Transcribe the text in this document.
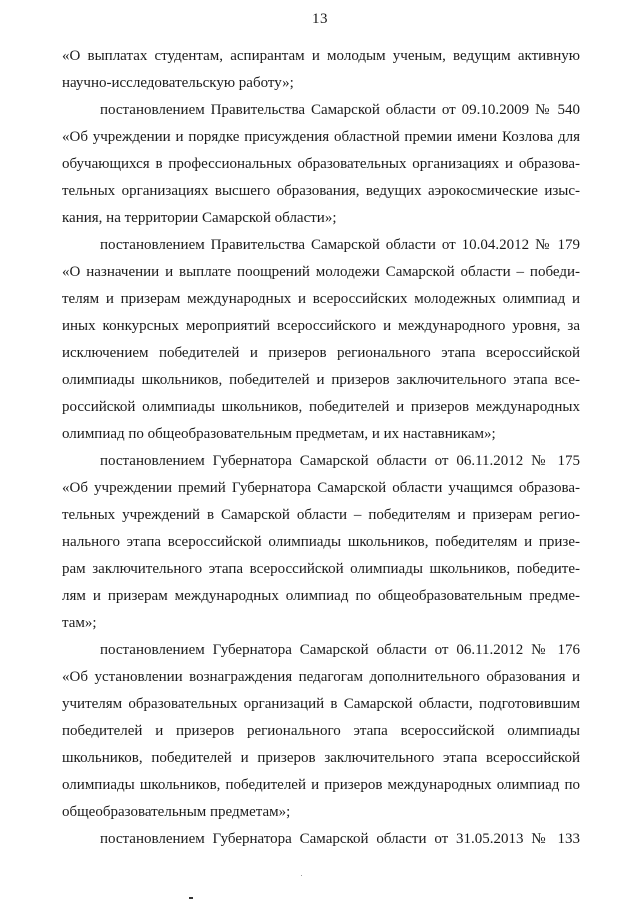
13
«О выплатах студентам, аспирантам и молодым ученым, ведущим активную
научно-исследовательскую работу»;
постановлением Правительства Самарской области от 09.10.2009 № 540
«Об учреждении и порядке присуждения областной премии имени Козлова для
обучающихся в профессиональных образовательных организациях и образова-
тельных организациях высшего образования, ведущих аэрокосмические изыс-
кания, на территории Самарской области»;
постановлением Правительства Самарской области от 10.04.2012 № 179
«О назначении и выплате поощрений молодежи Самарской области – победи-
телям и призерам международных и всероссийских молодежных олимпиад и
иных конкурсных мероприятий всероссийского и международного уровня, за
исключением победителей и призеров регионального этапа всероссийской
олимпиады школьников, победителей и призеров заключительного этапа все-
российской олимпиады школьников, победителей и призеров международных
олимпиад по общеобразовательным предметам, и их наставникам»;
постановлением Губернатора Самарской области от 06.11.2012 № 175
«Об учреждении премий Губернатора Самарской области учащимся образова-
тельных учреждений в Самарской области – победителям и призерам регио-
нального этапа всероссийской олимпиады школьников, победителям и призе-
рам заключительного этапа всероссийской олимпиады школьников, победите-
лям и призерам международных олимпиад по общеобразовательным предме-
там»;
постановлением Губернатора Самарской области от 06.11.2012 № 176
«Об установлении вознаграждения педагогам дополнительного образования и
учителям образовательных организаций в Самарской области, подготовившим
победителей и призеров регионального этапа всероссийской олимпиады
школьников, победителей и призеров заключительного этапа всероссийской
олимпиады школьников, победителей и призеров международных олимпиад по
общеобразовательным предметам»;
постановлением Губернатора Самарской области от 31.05.2013 № 133
